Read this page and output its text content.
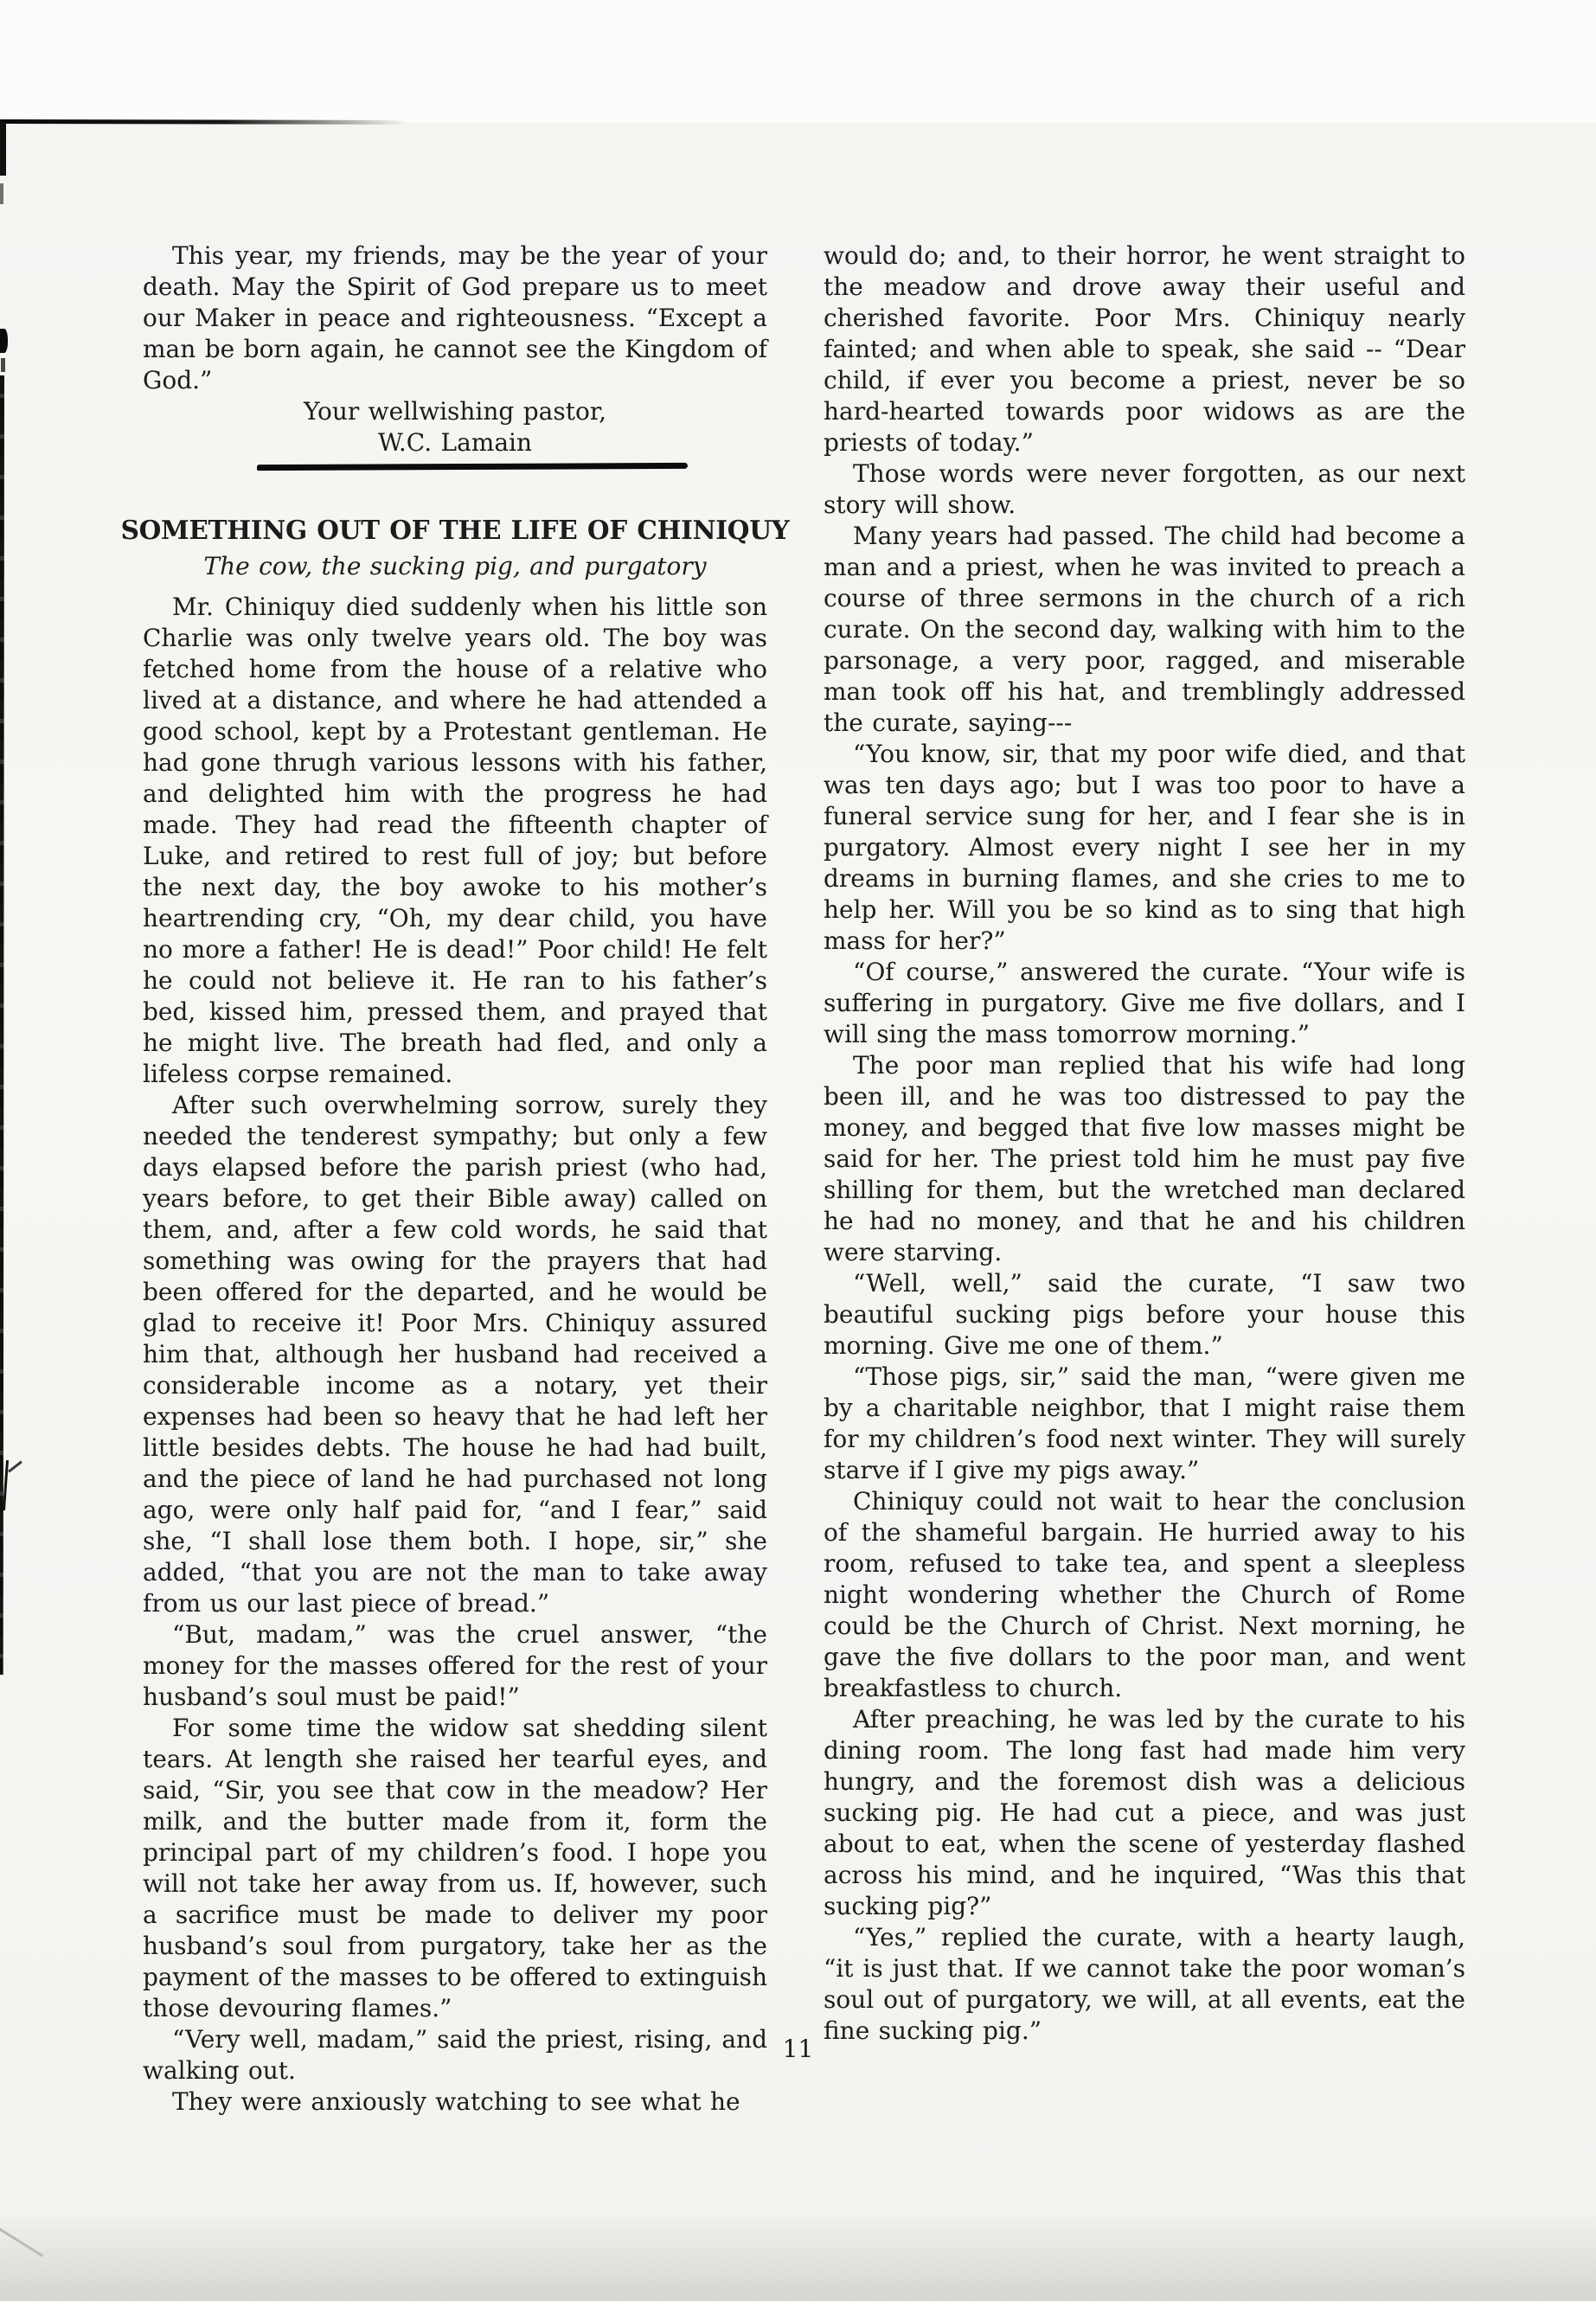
This year, my friends, may be the year of your death. May the Spirit of God prepare us to meet our Maker in peace and righteousness. “Except a man be born again, he cannot see the Kingdom of God.”

Your wellwishing pastor,

W.C. Lamain

SOMETHING OUT OF THE LIFE OF CHINIQUY

The cow, the sucking pig, and purgatory

Mr. Chiniquy died suddenly when his little son Charlie was only twelve years old. The boy was fetched home from the house of a relative who lived at a distance, and where he had attended a good school, kept by a Protestant gentleman. He had gone thrugh various lessons with his father, and delighted him with the progress he had made. They had read the fifteenth chapter of Luke, and retired to rest full of joy; but before the next day, the boy awoke to his mother’s heartrending cry, “Oh, my dear child, you have no more a father! He is dead!” Poor child! He felt he could not believe it. He ran to his father’s bed, kissed him, pressed them, and prayed that he might live. The breath had fled, and only a lifeless corpse remained.

After such overwhelming sorrow, surely they needed the tenderest sympathy; but only a few days elapsed before the parish priest (who had, years before, to get their Bible away) called on them, and, after a few cold words, he said that something was owing for the prayers that had been offered for the departed, and he would be glad to receive it! Poor Mrs. Chiniquy assured him that, although her husband had received a considerable income as a notary, yet their expenses had been so heavy that he had left her little besides debts. The house he had had built, and the piece of land he had purchased not long ago, were only half paid for, “and I fear,” said she, “I shall lose them both. I hope, sir,” she added, “that you are not the man to take away from us our last piece of bread.”

“But, madam,” was the cruel answer, “the money for the masses offered for the rest of your husband’s soul must be paid!”

For some time the widow sat shedding silent tears. At length she raised her tearful eyes, and said, “Sir, you see that cow in the meadow? Her milk, and the butter made from it, form the principal part of my children’s food. I hope you will not take her away from us. If, however, such a sacrifice must be made to deliver my poor husband’s soul from purgatory, take her as the payment of the masses to be offered to extinguish those devouring flames.”

“Very well, madam,” said the priest, rising, and walking out.

They were anxiously watching to see what he

would do; and, to their horror, he went straight to the meadow and drove away their useful and cherished favorite. Poor Mrs. Chiniquy nearly fainted; and when able to speak, she said -- “Dear child, if ever you become a priest, never be so hard-hearted towards poor widows as are the priests of today.”

Those words were never forgotten, as our next story will show.

Many years had passed. The child had become a man and a priest, when he was invited to preach a course of three sermons in the church of a rich curate. On the second day, walking with him to the parsonage, a very poor, ragged, and miserable man took off his hat, and tremblingly addressed the curate, saying---

“You know, sir, that my poor wife died, and that was ten days ago; but I was too poor to have a funeral service sung for her, and I fear she is in purgatory. Almost every night I see her in my dreams in burning flames, and she cries to me to help her. Will you be so kind as to sing that high mass for her?”

“Of course,” answered the curate. “Your wife is suffering in purgatory. Give me five dollars, and I will sing the mass tomorrow morning.”

The poor man replied that his wife had long been ill, and he was too distressed to pay the money, and begged that five low masses might be said for her. The priest told him he must pay five shilling for them, but the wretched man declared he had no money, and that he and his children were starving.

“Well, well,” said the curate, “I saw two beautiful sucking pigs before your house this morning. Give me one of them.”

“Those pigs, sir,” said the man, “were given me by a charitable neighbor, that I might raise them for my children’s food next winter. They will surely starve if I give my pigs away.”

Chiniquy could not wait to hear the conclusion of the shameful bargain. He hurried away to his room, refused to take tea, and spent a sleepless night wondering whether the Church of Rome could be the Church of Christ. Next morning, he gave the five dollars to the poor man, and went breakfastless to church.

After preaching, he was led by the curate to his dining room. The long fast had made him very hungry, and the foremost dish was a delicious sucking pig. He had cut a piece, and was just about to eat, when the scene of yesterday flashed across his mind, and he inquired, “Was this that sucking pig?”

“Yes,” replied the curate, with a hearty laugh, “it is just that. If we cannot take the poor woman’s soul out of purgatory, we will, at all events, eat the fine sucking pig.”

11
